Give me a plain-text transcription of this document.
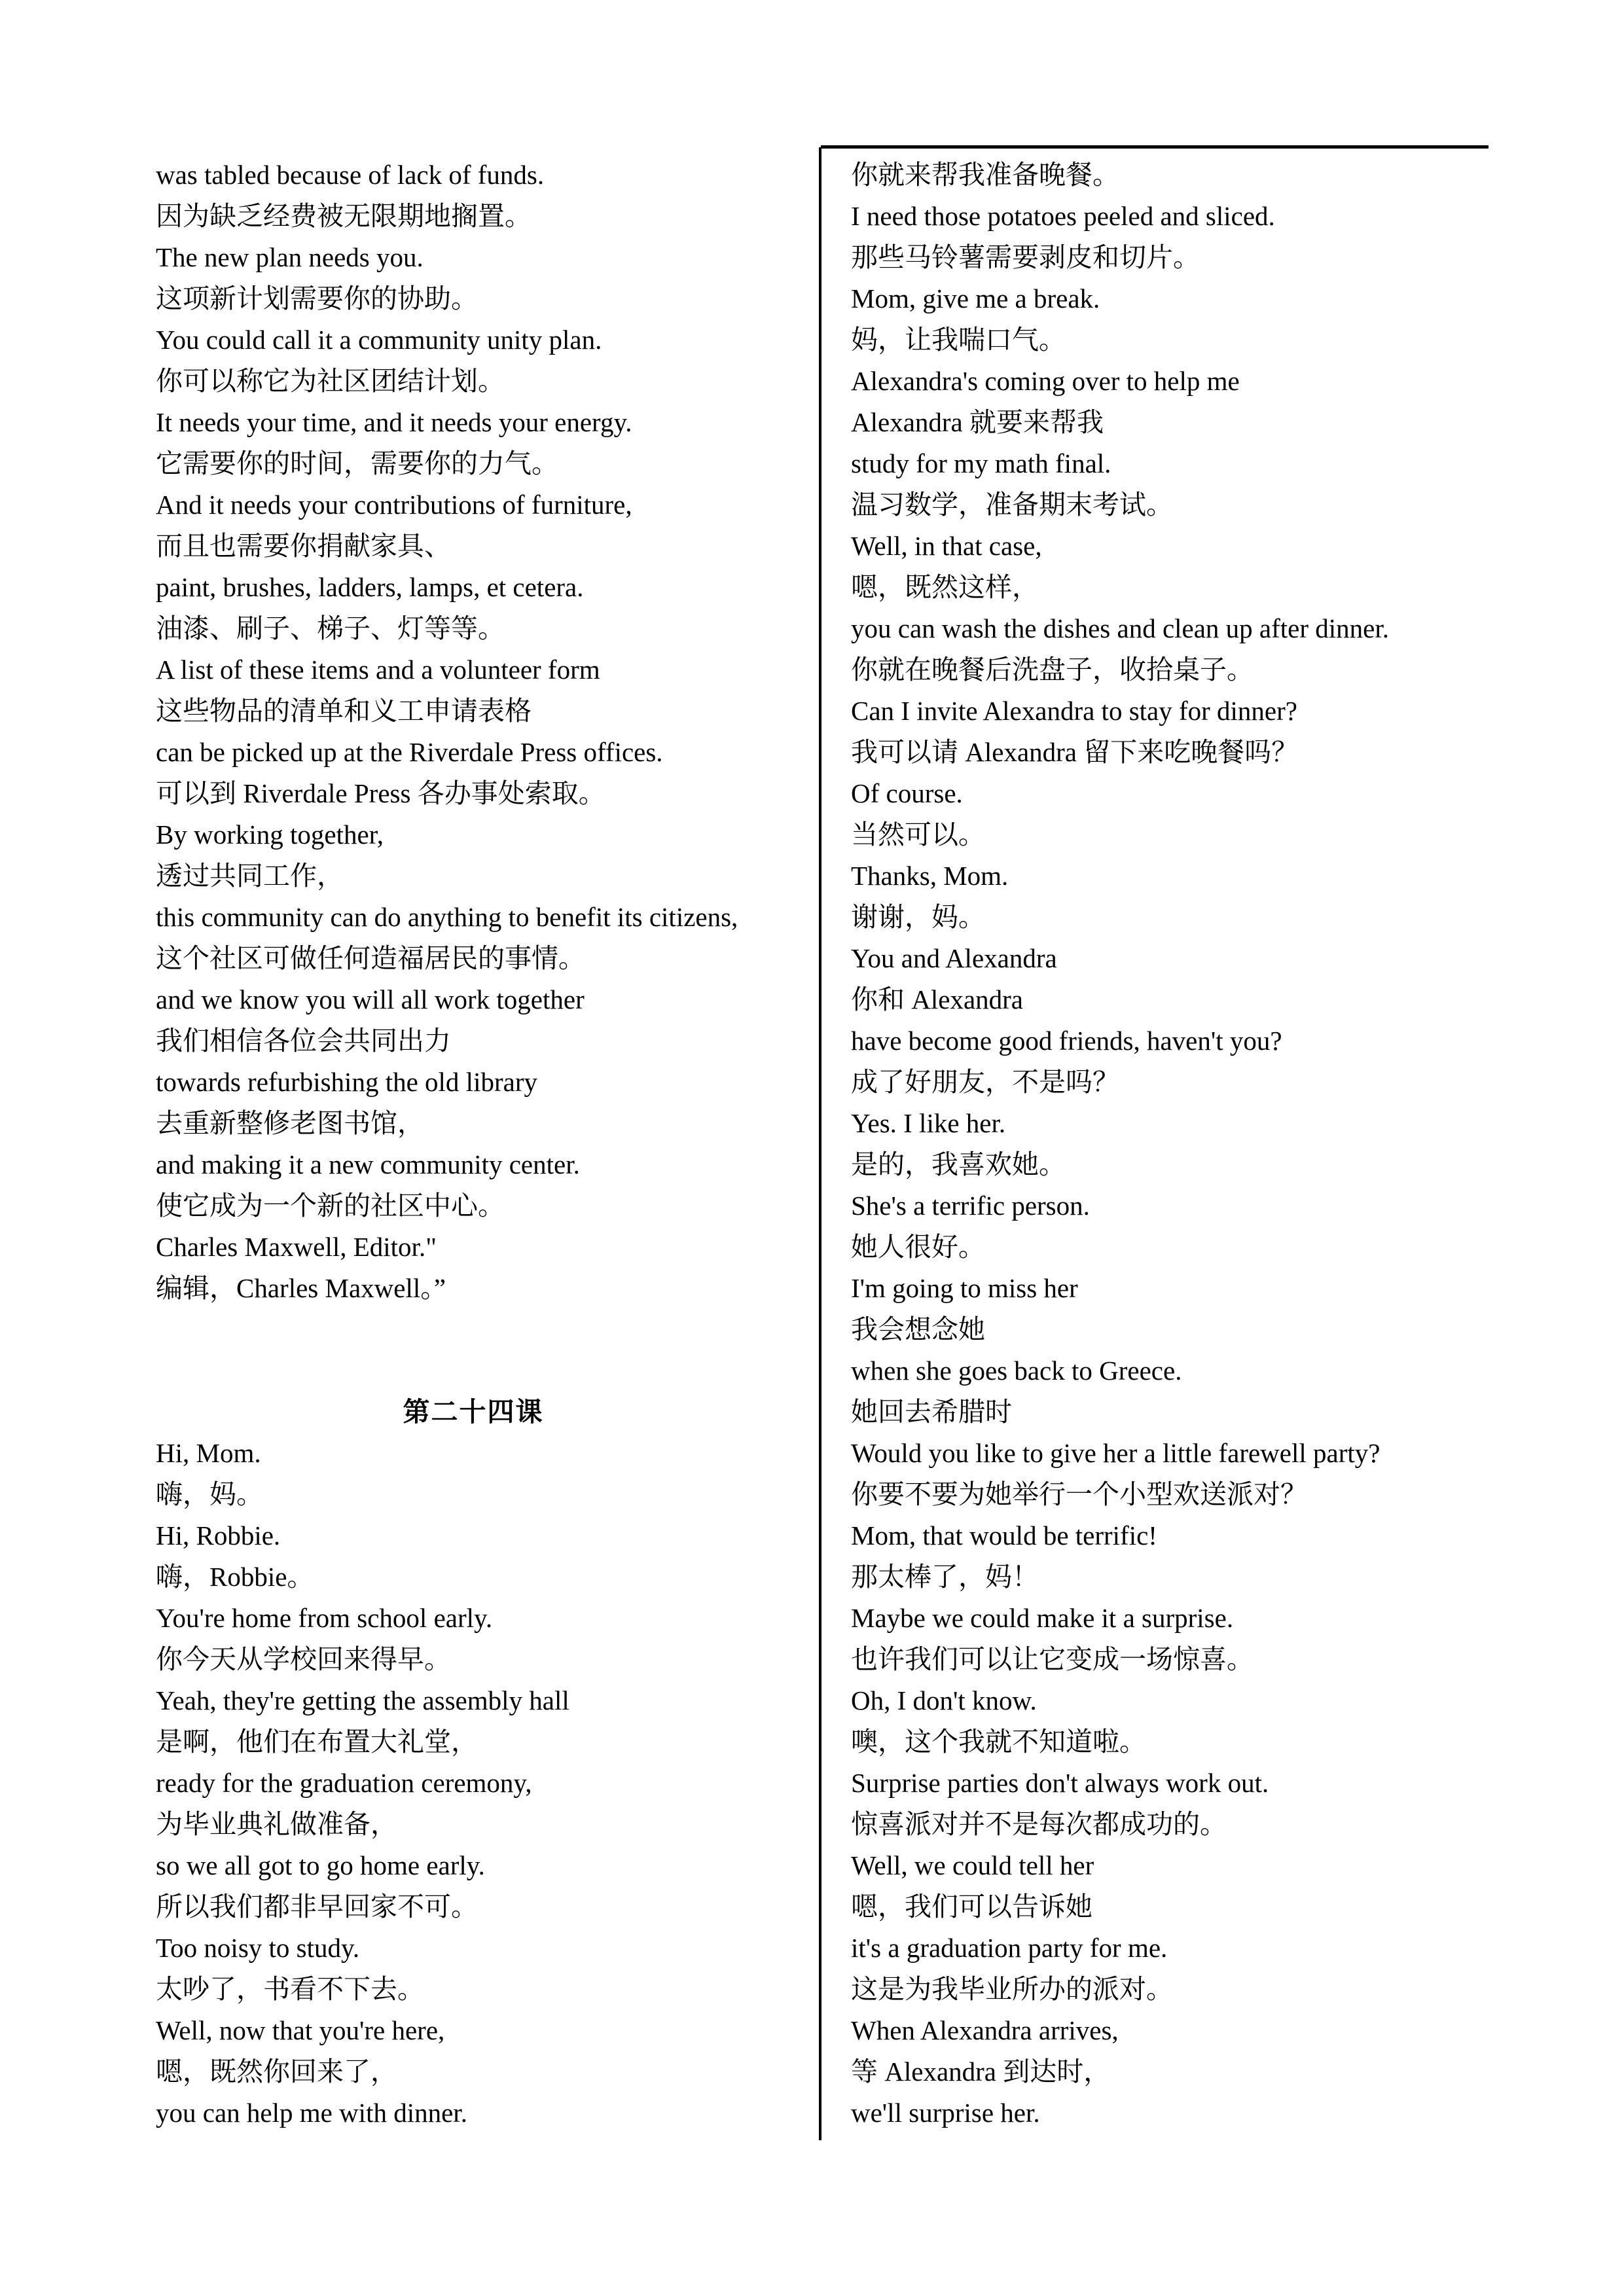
was tabled because of lack of funds.
因为缺乏经费被无限期地搁置。
The new plan needs you.
这项新计划需要你的协助。
You could call it a community unity plan.
你可以称它为社区团结计划。
It needs your time, and it needs your energy.
它需要你的时间，需要你的力气。
And it needs your contributions of furniture,
而且也需要你捐献家具、
paint, brushes, ladders, lamps, et cetera.
油漆、刷子、梯子、灯等等。
A list of these items and a volunteer form
这些物品的清单和义工申请表格
can be picked up at the Riverdale Press offices.
可以到 Riverdale Press 各办事处索取。
By working together,
透过共同工作，
this community can do anything to benefit its citizens,
这个社区可做任何造福居民的事情。
and we know you will all work together
我们相信各位会共同出力
towards refurbishing the old library
去重新整修老图书馆，
and making it a new community center.
使它成为一个新的社区中心。
Charles Maxwell, Editor."
编辑，Charles Maxwell。”
第二十四课
Hi, Mom.
嗨，妈。
Hi, Robbie.
嗨，Robbie。
You're home from school early.
你今天从学校回来得早。
Yeah, they're getting the assembly hall
是啊，他们在布置大礼堂，
ready for the graduation ceremony,
为毕业典礼做准备，
so we all got to go home early.
所以我们都非早回家不可。
Too noisy to study.
太吵了，书看不下去。
Well, now that you're here,
嗯，既然你回来了，
you can help me with dinner.
你就来帮我准备晚餐。
I need those potatoes peeled and sliced.
那些马铃薯需要剥皮和切片。
Mom, give me a break.
妈，让我喘口气。
Alexandra's coming over to help me
Alexandra 就要来帮我
study for my math final.
温习数学，准备期末考试。
Well, in that case,
嗯，既然这样，
you can wash the dishes and clean up after dinner.
你就在晚餐后洗盘子，收拾桌子。
Can I invite Alexandra to stay for dinner?
我可以请 Alexandra 留下来吃晚餐吗？
Of course.
当然可以。
Thanks, Mom.
谢谢，妈。
You and Alexandra
你和 Alexandra
have become good friends, haven't you?
成了好朋友，不是吗？
Yes. I like her.
是的，我喜欢她。
She's a terrific person.
她人很好。
I'm going to miss her
我会想念她
when she goes back to Greece.
她回去希腊时
Would you like to give her a little farewell party?
你要不要为她举行一个小型欢送派对？
Mom, that would be terrific!
那太棒了，妈！
Maybe we could make it a surprise.
也许我们可以让它变成一场惊喜。
Oh, I don't know.
噢，这个我就不知道啦。
Surprise parties don't always work out.
惊喜派对并不是每次都成功的。
Well, we could tell her
嗯，我们可以告诉她
it's a graduation party for me.
这是为我毕业所办的派对。
When Alexandra arrives,
等 Alexandra 到达时，
we'll surprise her.
